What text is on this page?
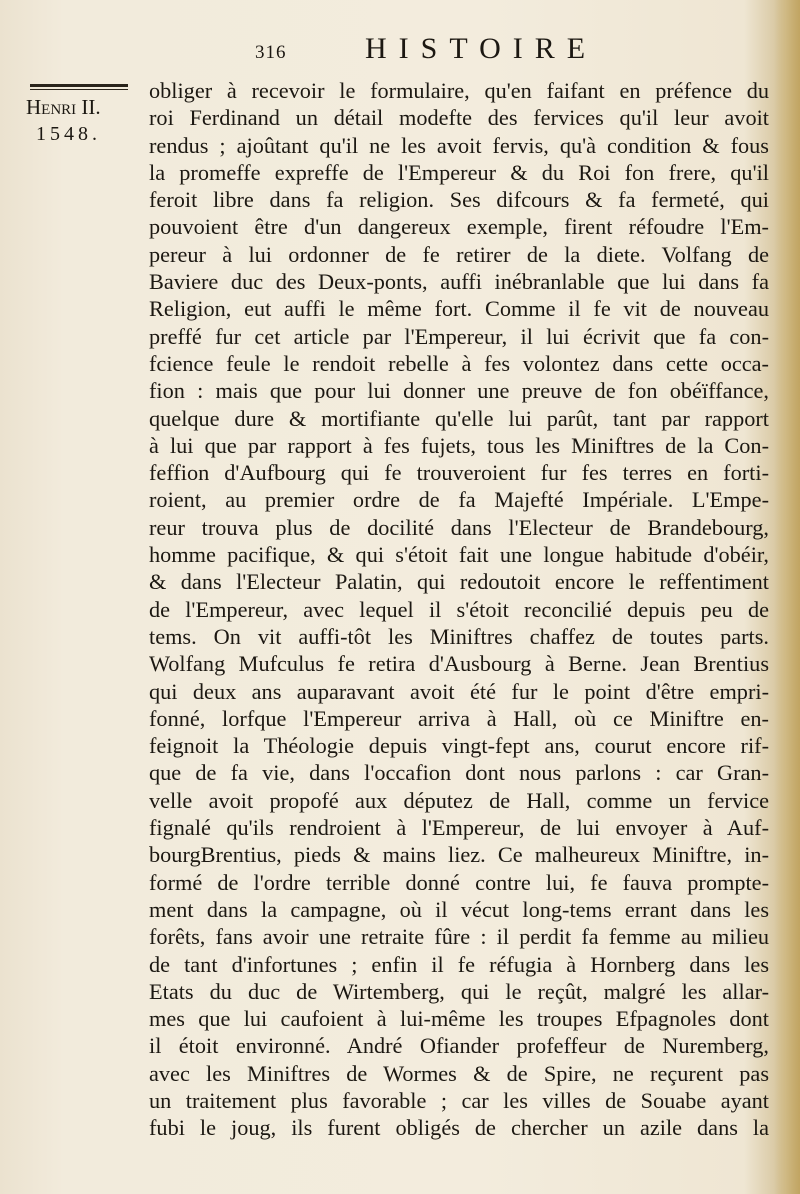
316	HISTOIRE
Henri II.
1548.
obliger à recevoir le formulaire, qu'en faifant en préfence du
roi Ferdinand un détail modefte des fervices qu'il leur avoit
rendus ; ajoûtant qu'il ne les avoit fervis, qu'à condition & fous
la promeffe expreffe de l'Empereur & du Roi fon frere, qu'il
feroit libre dans fa religion. Ses difcours & fa fermeté, qui
pouvoient être d'un dangereux exemple, firent réfoudre l'Em-
pereur à lui ordonner de fe retirer de la diete. Volfang de
Baviere duc des Deux-ponts, auffi inébranlable que lui dans fa
Religion, eut auffi le même fort. Comme il fe vit de nouveau
preffé fur cet article par l'Empereur, il lui écrivit que fa con-
fcience feule le rendoit rebelle à fes volontez dans cette occa-
fion : mais que pour lui donner une preuve de fon obéïffance,
quelque dure & mortifiante qu'elle lui parût, tant par rapport
à lui que par rapport à fes fujets, tous les Miniftres de la Con-
feffion d'Aufbourg qui fe trouveroient fur fes terres en forti-
roient, au premier ordre de fa Majefté Impériale. L'Empe-
reur trouva plus de docilité dans l'Electeur de Brandebourg,
homme pacifique, & qui s'étoit fait une longue habitude d'obéir,
& dans l'Electeur Palatin, qui redoutoit encore le reffentiment
de l'Empereur, avec lequel il s'étoit reconcilié depuis peu de
tems. On vit auffi-tôt les Miniftres chaffez de toutes parts.
Wolfang Mufculus fe retira d'Ausbourg à Berne. Jean Brentius
qui deux ans auparavant avoit été fur le point d'être empri-
fonné, lorfque l'Empereur arriva à Hall, où ce Miniftre en-
feignoit la Théologie depuis vingt-fept ans, courut encore rif-
que de fa vie, dans l'occafion dont nous parlons : car Gran-
velle avoit propofé aux députez de Hall, comme un fervice
fignalé qu'ils rendroient à l'Empereur, de lui envoyer à Auf-
bourgBrentius, pieds & mains liez. Ce malheureux Miniftre, in-
formé de l'ordre terrible donné contre lui, fe fauva prompte-
ment dans la campagne, où il vécut long-tems errant dans les
forêts, fans avoir une retraite fûre : il perdit fa femme au milieu
de tant d'infortunes ; enfin il fe réfugia à Hornberg dans les
Etats du duc de Wirtemberg, qui le reçût, malgré les allar-
mes que lui caufoient à lui-même les troupes Efpagnoles dont
il étoit environné. André Ofiander profeffeur de Nuremberg,
avec les Miniftres de Wormes & de Spire, ne reçurent pas
un traitement plus favorable ; car les villes de Souabe ayant
fubi le joug, ils furent obligés de chercher un azile dans la
